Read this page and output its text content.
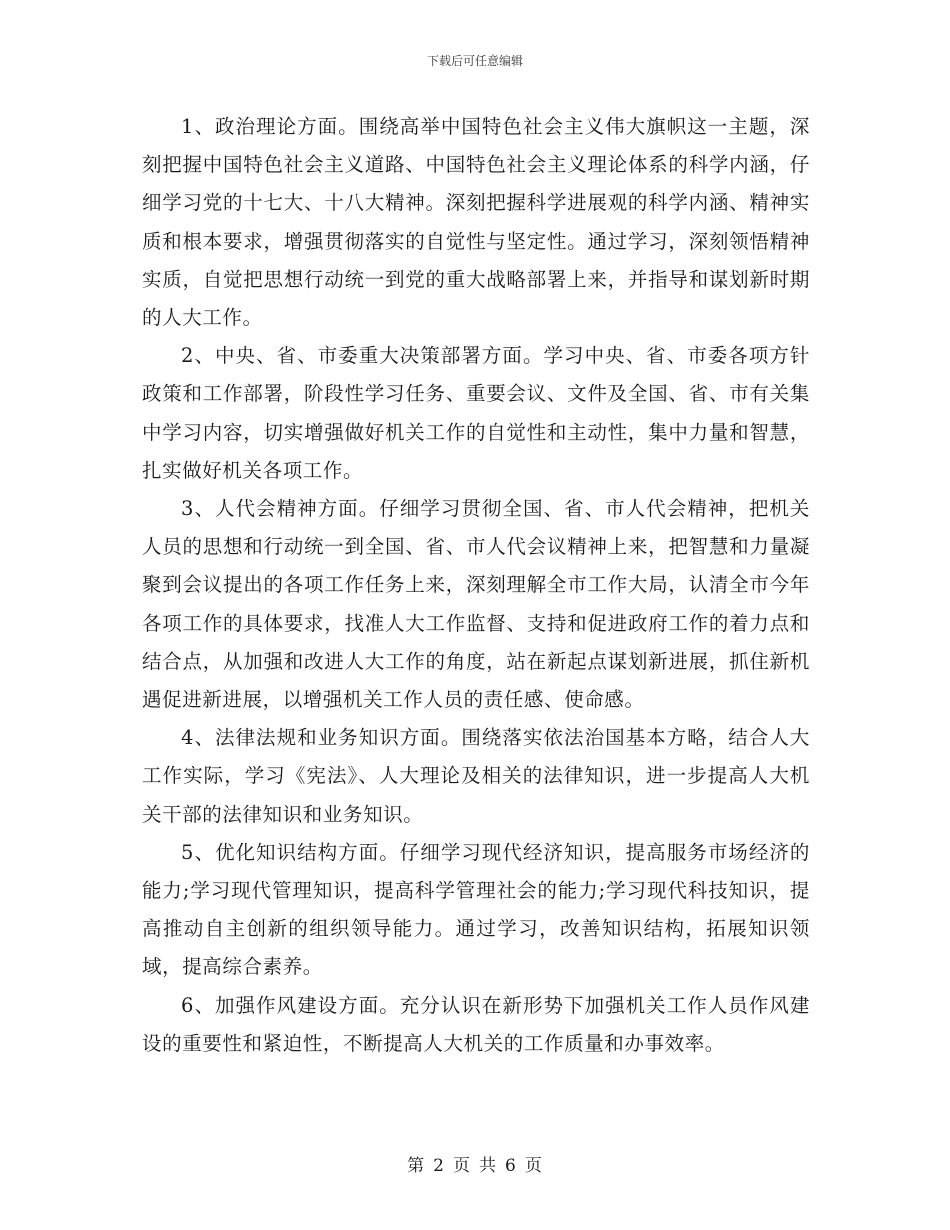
下载后可任意编辑

1、政治理论方面。围绕高举中国特色社会主义伟大旗帜这一主题，深刻把握中国特色社会主义道路、中国特色社会主义理论体系的科学内涵，仔细学习党的十七大、十八大精神。深刻把握科学进展观的科学内涵、精神实质和根本要求，增强贯彻落实的自觉性与坚定性。通过学习，深刻领悟精神实质，自觉把思想行动统一到党的重大战略部署上来，并指导和谋划新时期的人大工作。

2、中央、省、市委重大决策部署方面。学习中央、省、市委各项方针政策和工作部署，阶段性学习任务、重要会议、文件及全国、省、市有关集中学习内容，切实增强做好机关工作的自觉性和主动性，集中力量和智慧，扎实做好机关各项工作。

3、人代会精神方面。仔细学习贯彻全国、省、市人代会精神，把机关人员的思想和行动统一到全国、省、市人代会议精神上来，把智慧和力量凝聚到会议提出的各项工作任务上来，深刻理解全市工作大局，认清全市今年各项工作的具体要求，找准人大工作监督、支持和促进政府工作的着力点和结合点，从加强和改进人大工作的角度，站在新起点谋划新进展，抓住新机遇促进新进展，以增强机关工作人员的责任感、使命感。

4、法律法规和业务知识方面。围绕落实依法治国基本方略，结合人大工作实际，学习《宪法》、人大理论及相关的法律知识，进一步提高人大机关干部的法律知识和业务知识。

5、优化知识结构方面。仔细学习现代经济知识，提高服务市场经济的能力;学习现代管理知识，提高科学管理社会的能力;学习现代科技知识，提高推动自主创新的组织领导能力。通过学习，改善知识结构，拓展知识领域，提高综合素养。

6、加强作风建设方面。充分认识在新形势下加强机关工作人员作风建设的重要性和紧迫性，不断提高人大机关的工作质量和办事效率。

第 2 页 共 6 页
